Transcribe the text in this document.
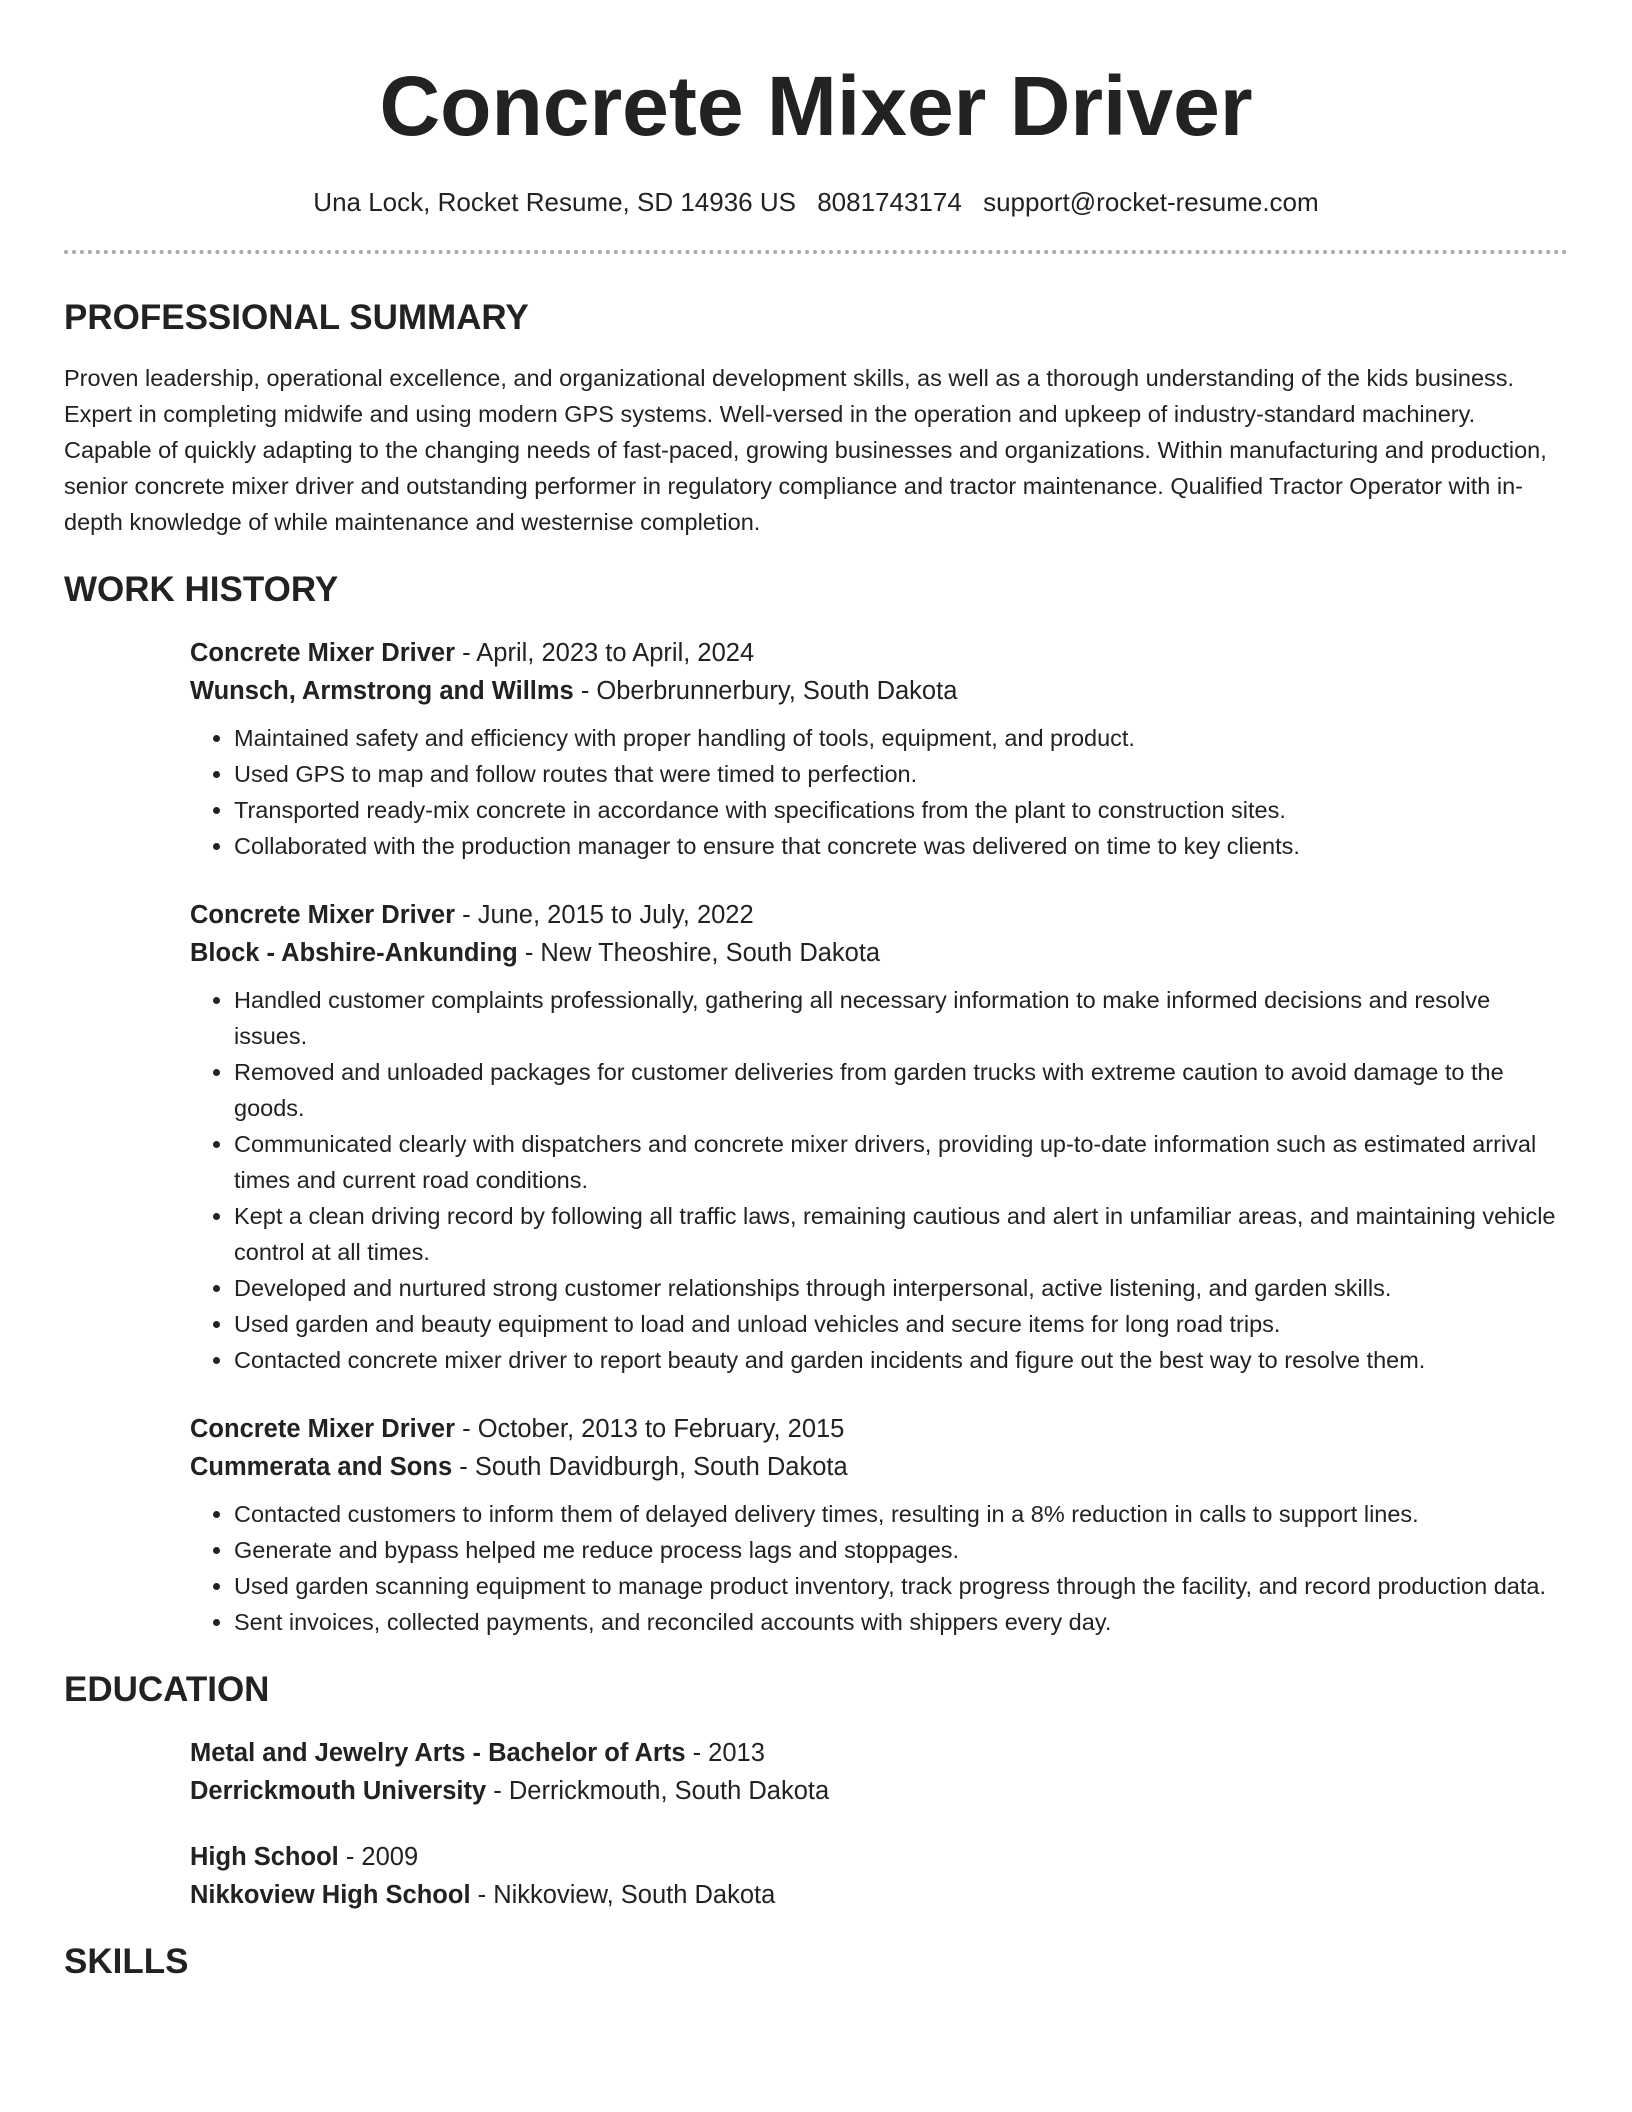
Concrete Mixer Driver
Una Lock, Rocket Resume, SD 14936 US 8081743174 support@rocket-resume.com
PROFESSIONAL SUMMARY

Proven leadership, operational excellence, and organizational development skills, as well as a thorough understanding of the kids business. Expert in completing midwife and using modern GPS systems. Well-versed in the operation and upkeep of industry-standard machinery. Capable of quickly adapting to the changing needs of fast-paced, growing businesses and organizations. Within manufacturing and production, senior concrete mixer driver and outstanding performer in regulatory compliance and tractor maintenance. Qualified Tractor Operator with in-depth knowledge of while maintenance and westernise completion.

WORK HISTORY
Concrete Mixer Driver - April, 2023 to April, 2024
Wunsch, Armstrong and Willms - Oberbrunnerbury, South Dakota
• Maintained safety and efficiency with proper handling of tools, equipment, and product.
• Used GPS to map and follow routes that were timed to perfection.
• Transported ready-mix concrete in accordance with specifications from the plant to construction sites.
• Collaborated with the production manager to ensure that concrete was delivered on time to key clients.
Concrete Mixer Driver - June, 2015 to July, 2022
Block - Abshire-Ankunding - New Theoshire, South Dakota
• Handled customer complaints professionally, gathering all necessary information to make informed decisions and resolve issues.
• Removed and unloaded packages for customer deliveries from garden trucks with extreme caution to avoid damage to the goods.
• Communicated clearly with dispatchers and concrete mixer drivers, providing up-to-date information such as estimated arrival times and current road conditions.
• Kept a clean driving record by following all traffic laws, remaining cautious and alert in unfamiliar areas, and maintaining vehicle control at all times.
• Developed and nurtured strong customer relationships through interpersonal, active listening, and garden skills.
• Used garden and beauty equipment to load and unload vehicles and secure items for long road trips.
• Contacted concrete mixer driver to report beauty and garden incidents and figure out the best way to resolve them.
Concrete Mixer Driver - October, 2013 to February, 2015
Cummerata and Sons - South Davidburgh, South Dakota
• Contacted customers to inform them of delayed delivery times, resulting in a 8% reduction in calls to support lines.
• Generate and bypass helped me reduce process lags and stoppages.
• Used garden scanning equipment to manage product inventory, track progress through the facility, and record production data.
• Sent invoices, collected payments, and reconciled accounts with shippers every day.
EDUCATION
Metal and Jewelry Arts - Bachelor of Arts - 2013
Derrickmouth University - Derrickmouth, South Dakota
High School - 2009
Nikkoview High School - Nikkoview, South Dakota
SKILLS
